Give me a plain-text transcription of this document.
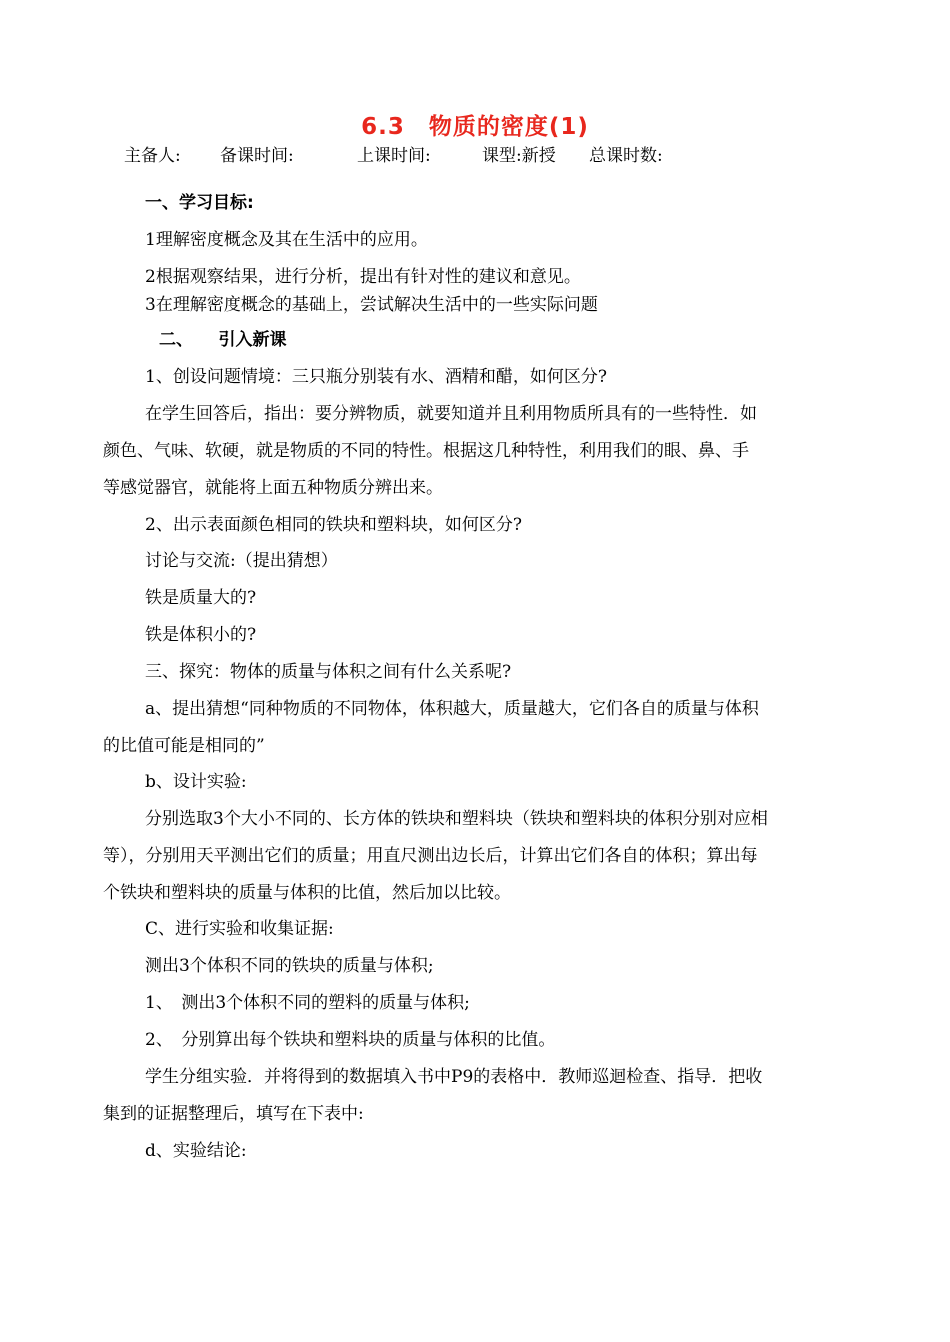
6.3　物质的密度(1)
主备人: 备课时间:	上课时间:	课型:新授 总课时数:
一、学习目标:
1理解密度概念及其在生活中的应用。
2根据观察结果，进行分析，提出有针对性的建议和意见。
3在理解密度概念的基础上，尝试解决生活中的一些实际问题
二、　　引入新课
1、创设问题情境：三只瓶分别装有水、酒精和醋，如何区分?
在学生回答后，指出：要分辨物质，就要知道并且利用物质所具有的一些特性．如
颜色、气味、软硬，就是物质的不同的特性。根据这几种特性，利用我们的眼、鼻、手
等感觉器官，就能将上面五种物质分辨出来。
2、出示表面颜色相同的铁块和塑料块，如何区分?
讨论与交流:（提出猜想）
铁是质量大的?
铁是体积小的?
三、探究：物体的质量与体积之间有什么关系呢?
a、提出猜想“同种物质的不同物体，体积越大，质量越大，它们各自的质量与体积
的比值可能是相同的”
b、设计实验:
分别选取3个大小不同的、长方体的铁块和塑料块（铁块和塑料块的体积分别对应相
等），分别用天平测出它们的质量；用直尺测出边长后，计算出它们各自的体积；算出每
个铁块和塑料块的质量与体积的比值，然后加以比较。
C、进行实验和收集证据:
测出3个体积不同的铁块的质量与体积;
1、　测出3个体积不同的塑料的质量与体积;
2、　分别算出每个铁块和塑料块的质量与体积的比值。
学生分组实验．并将得到的数据填入书中P9的表格中．教师巡迴检查、指导．把收
集到的证据整理后，填写在下表中:
d、实验结论:
